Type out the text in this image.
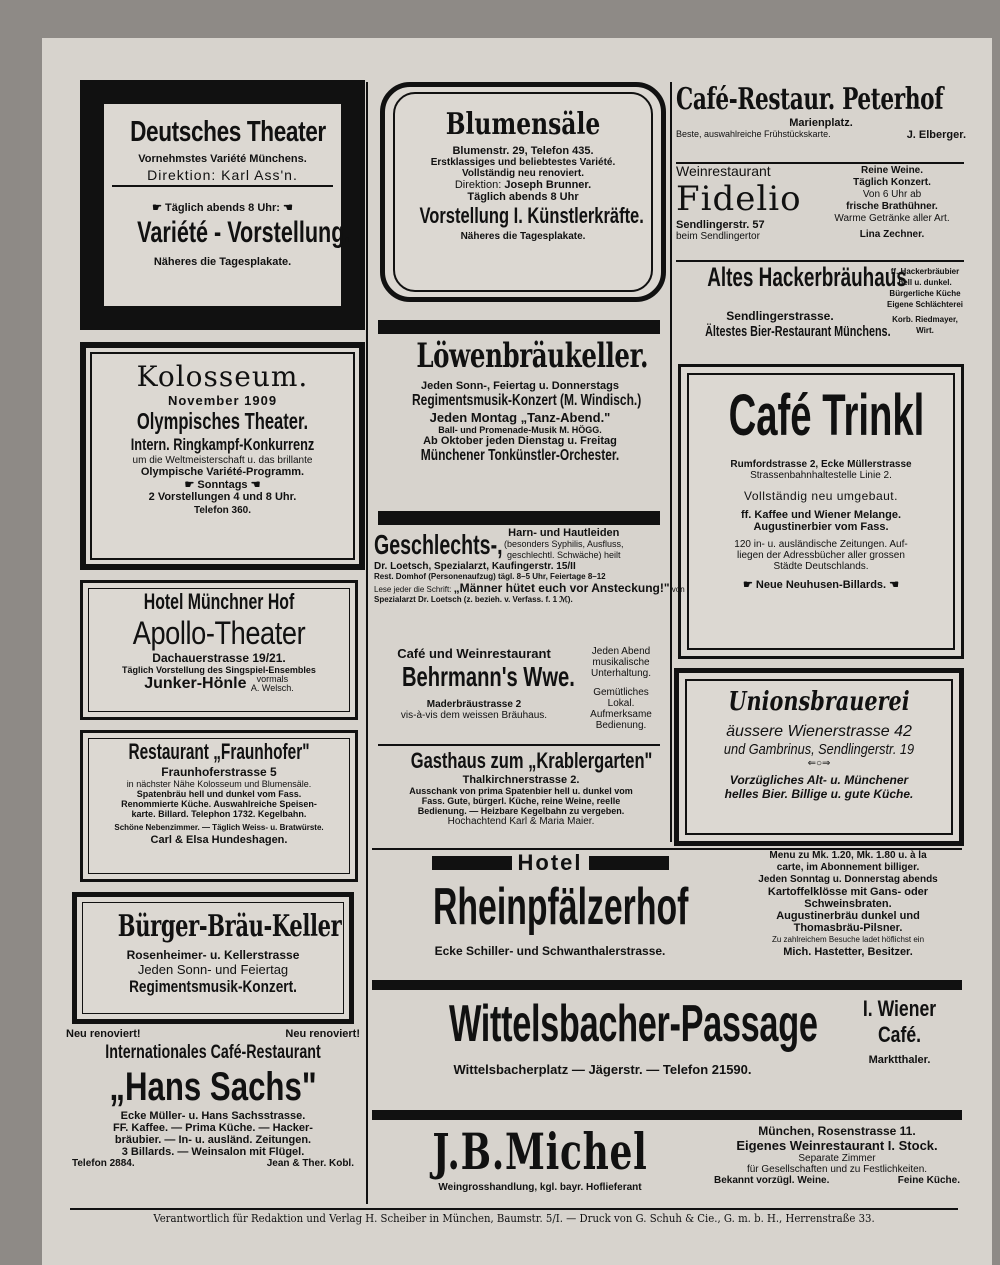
Deutsches Theater
Vornehmstes Variété Münchens.
Direktion: Karl Ass'n.
☛ Täglich abends 8 Uhr: ☚
Variété - Vorstellung.
Näheres die Tagesplakate.
Blumensäle
Blumenstr. 29, Telefon 435.
Erstklassiges und beliebtestes Variété.
Vollständig neu renoviert.
Direktion: Joseph Brunner.
Täglich abends 8 Uhr
Vorstellung I. Künstlerkräfte.
Näheres die Tagesplakate.
Café-Restaur. Peterhof
Marienplatz.
Beste, auswahlreiche Frühstückskarte.	J. Elberger.
Weinrestaurant
Fidelio
Sendlingerstr. 57
beim Sendlingertor
Reine Weine.
Täglich Konzert.
Von 6 Uhr ab
frische Brathühner.
Warme Getränke aller Art.
Lina Zechner.
Altes Hackerbräuhaus
Sendlingerstrasse.
Ältestes Bier-Restaurant Münchens.
ff. Hackerbräubier
hell u. dunkel.
Bürgerliche Küche
Eigene Schlächterei
Korb. Riedmayer,
Wirt.
Kolosseum.
November 1909
Olympisches Theater.
Intern. Ringkampf-Konkurrenz
um die Weltmeisterschaft u. das brillante
Olympische Variété-Programm.
☛ Sonntags ☚
2 Vorstellungen 4 und 8 Uhr.
Telefon 360.
Löwenbräukeller.
Jeden Sonn-, Feiertag u. Donnerstags
Regimentsmusik-Konzert (M. Windisch.)
Jeden Montag „Tanz-Abend."
Ball- und Promenade-Musik M. HÖGG.
Ab Oktober jeden Dienstag u. Freitag
Münchener Tonkünstler-Orchester.
Café Trinkl
Rumfordstrasse 2, Ecke Müllerstrasse
Strassenbahnhaltestelle Linie 2.
Vollständig neu umgebaut.
ff. Kaffee und Wiener Melange.
Augustinerbier vom Fass.
120 in- u. ausländische Zeitungen. Auf-
liegen der Adressbücher aller grossen
Städte Deutschlands.
☛ Neue Neuhusen-Billards. ☚
Hotel Münchner Hof
Apollo-Theater
Dachauerstrasse 19/21.
Täglich Vorstellung des Singspiel-Ensembles
Junker-Hönle vormals
A. Welsch.
Geschlechts-, Harn- und Hautleiden
(besonders Syphilis, Ausfluss,
geschlechtl. Schwäche) heilt
Dr. Loetsch, Spezialarzt, Kaufingerstr. 15/II
Rest. Domhof (Personenaufzug) tägl. 8–5 Uhr, Feiertage 8–12
Lese jeder die Schrift: „Männer hütet euch vor Ansteckung!" von
Spezialarzt Dr. Loetsch (z. bezieh. v. Verfass. f. 1 ℳ).
Café und Weinrestaurant
Behrmann's Wwe.
Maderbräustrasse 2
vis-à-vis dem weissen Bräuhaus.
Jeden Abend
musikalische
Unterhaltung.
Gemütliches
Lokal.
Aufmerksame
Bedienung.
Unionsbrauerei
äussere Wienerstrasse 42
und Gambrinus, Sendlingerstr. 19
⇐○⇒
Vorzügliches Alt- u. Münchener
helles Bier. Billige u. gute Küche.
Restaurant „Fraunhofer"
Fraunhoferstrasse 5
in nächster Nähe Kolosseum und Blumensäle.
Spatenbräu hell und dunkel vom Fass.
Renommierte Küche. Auswahlreiche Speisen-
karte. Billard. Telephon 1732. Kegelbahn.
Schöne Nebenzimmer. — Täglich Weiss- u. Bratwürste.
Carl & Elsa Hundeshagen.
Gasthaus zum „Krablergarten"
Thalkirchnerstrasse 2.
Ausschank von prima Spatenbier hell u. dunkel vom
Fass. Gute, bürgerl. Küche, reine Weine, reelle
Bedienung. — Heizbare Kegelbahn zu vergeben.
Hochachtend Karl & Maria Maier.
Hotel
Rheinpfälzerhof
Ecke Schiller- und Schwanthalerstrasse.
Menu zu Mk. 1.20, Mk. 1.80 u. à la
carte, im Abonnement billiger.
Jeden Sonntag u. Donnerstag abends
Kartoffelklösse mit Gans- oder
Schweinsbraten.
Augustinerbräu dunkel und
Thomasbräu-Pilsner.
Zu zahlreichem Besuche ladet höflichst ein
Mich. Hastetter, Besitzer.
Bürger-Bräu-Keller
Rosenheimer- u. Kellerstrasse
Jeden Sonn- und Feiertag
Regimentsmusik-Konzert.
Wittelsbacher-Passage
Wittelsbacherplatz — Jägerstr. — Telefon 21590.
I. Wiener
Café.
Marktthaler.
Neu renoviert!	Neu renoviert!
Internationales Café-Restaurant
„Hans Sachs"
Ecke Müller- u. Hans Sachsstrasse.
FF. Kaffee. — Prima Küche. — Hacker-
bräubier. — In- u. ausländ. Zeitungen.
3 Billards. — Weinsalon mit Flügel.
Telefon 2884.	Jean & Ther. Kobl. J.B.Michel
Weingrosshandlung, kgl. bayr. Hoflieferant
München, Rosenstrasse 11.
Eigenes Weinrestaurant I. Stock.
Separate Zimmer
für Gesellschaften und zu Festlichkeiten.
Bekannt vorzügl. Weine.	Feine Küche.
Verantwortlich für Redaktion und Verlag H. Scheiber in München, Baumstr. 5/I. — Druck von G. Schuh & Cie., G. m. b. H., Herrenstraße 33.
